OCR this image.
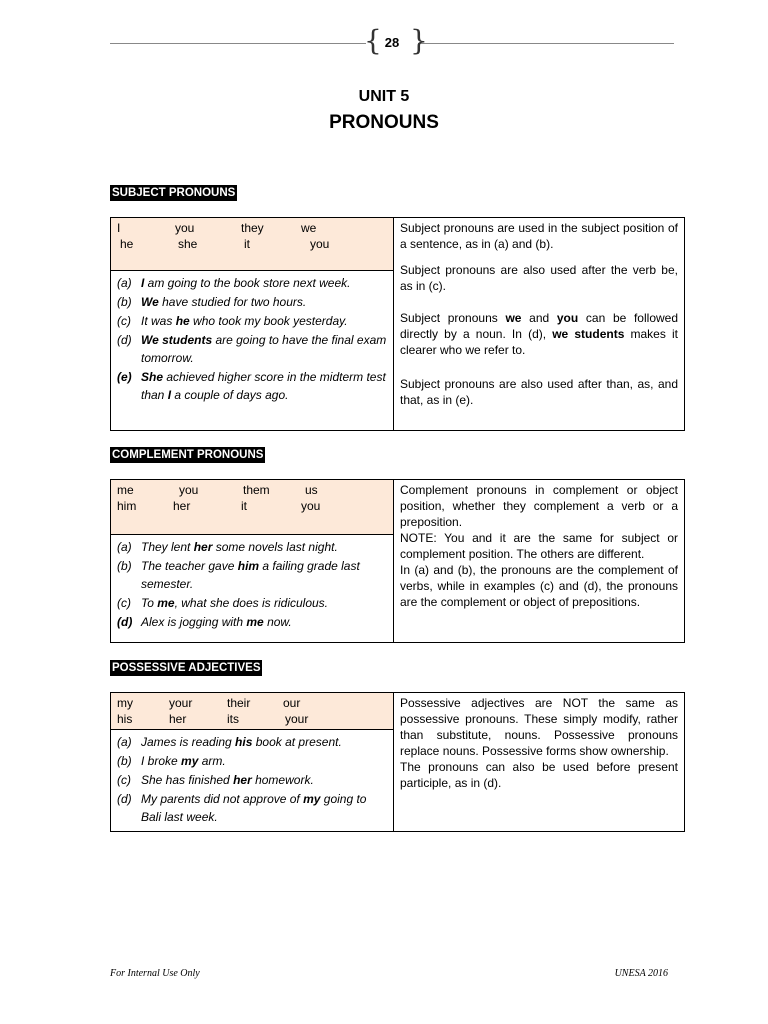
{ }
28
UNIT 5
PRONOUNS
SUBJECT PRONOUNS
I	you	they	we
he	she	it	you

Subject pronouns are used in the subject position of a sentence, as in (a) and (b).

Subject pronouns are also used after the verb be, as in (c).

Subject pronouns we and you can be followed directly by a noun. In (d), we students makes it clearer who we refer to.

Subject pronouns are also used after than, as, and that, as in (e).

(a) I am going to the book store next week.
(b) We have studied for two hours.
(c) It was he who took my book yesterday.
(d) We students are going to have the final exam tomorrow.
(e) She achieved higher score in the midterm test than I a couple of days ago.
COMPLEMENT PRONOUNS
me	you	them	us
him	her	it	you

Complement pronouns in complement or object position, whether they complement a verb or a preposition.

NOTE: You and it are the same for subject or complement position. The others are different.

In (a) and (b), the pronouns are the complement of verbs, while in examples (c) and (d), the pronouns are the complement or object of prepositions.

(a) They lent her some novels last night.
(b) The teacher gave him a failing grade last semester.
(c) To me, what she does is ridiculous.
(d) Alex is jogging with me now.
POSSESSIVE ADJECTIVES
my	your	their	our
his	her	its	your

Possessive adjectives are NOT the same as possessive pronouns. These simply modify, rather than substitute, nouns. Possessive pronouns replace nouns. Possessive forms show ownership.

The pronouns can also be used before present participle, as in (d).

(a) James is reading his book at present.
(b) I broke my arm.
(c) She has finished her homework.
(d) My parents did not approve of my going to Bali last week.
For Internal Use Only	UNESA 2016
